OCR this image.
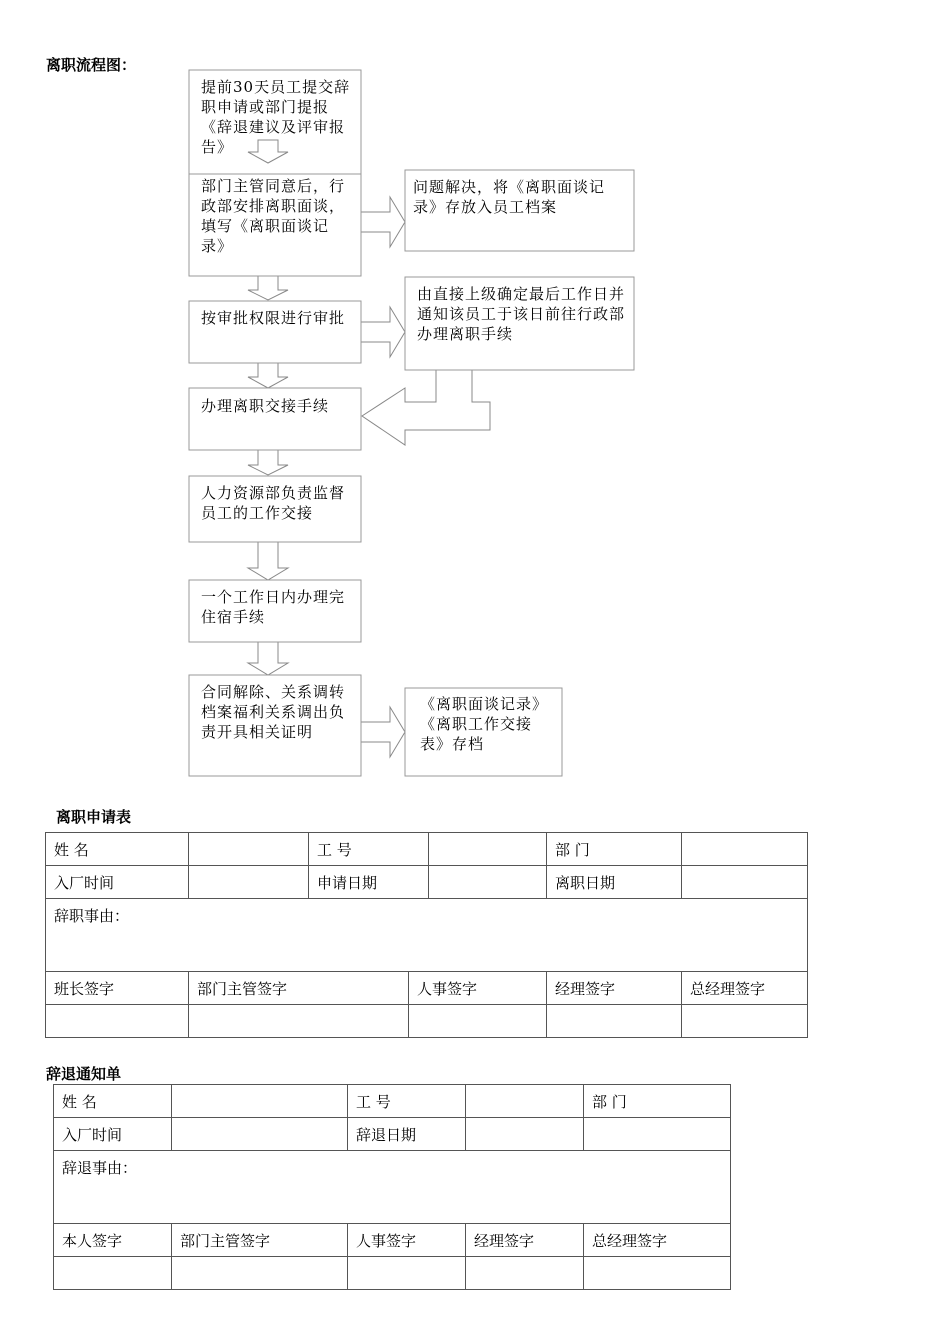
离职流程图：
提前30天员工提交辞职申请或部门提报《辞退建议及评审报告》
部门主管同意后，行政部安排离职面谈，填写《离职面谈记录》
按审批权限进行审批
办理离职交接手续
人力资源部负责监督员工的工作交接
一个工作日内办理完住宿手续
合同解除、关系调转档案福利关系调出负责开具相关证明
问题解决，将《离职面谈记录》存放入员工档案
由直接上级确定最后工作日并通知该员工于该日前往行政部办理离职手续
《离职面谈记录》《离职工作交接表》存档
离职申请表
姓 名		工 号			部 门	
入厂时间		申请日期			离职日期	
辞职事由：						
班长签字	部门主管签字		人事签字		经理签字	总经理签字

辞退通知单
姓 名		工 号		部 门
入厂时间		辞退日期		
辞退事由：				
本人签字	部门主管签字	人事签字	经理签字	总经理签字
